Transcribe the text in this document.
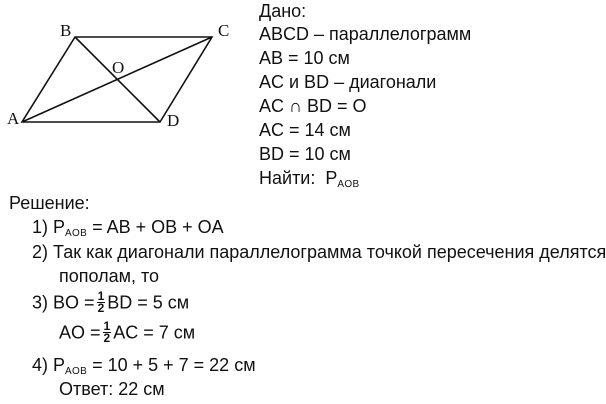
B	C
A	D
O
Дано:
ABCD – параллелограмм
AB = 10 см
AC и BD – диагонали
AC ∩ BD = O
AC = 14 см
BD = 10 см
Найти: $P_{AOB}$
Решение:
1) $P_{AOB}$ = AB + OB + OA
2) Так как диагонали параллелограмма точкой пересечения делятся
пополам, то
3) BO = $\frac{1}{2}$ BD = 5 см
AO = $\frac{1}{2}$ AC = 7 см
4) $P_{AOB} = 10 + 5 + 7 = 22$ см
Ответ: 22 см
